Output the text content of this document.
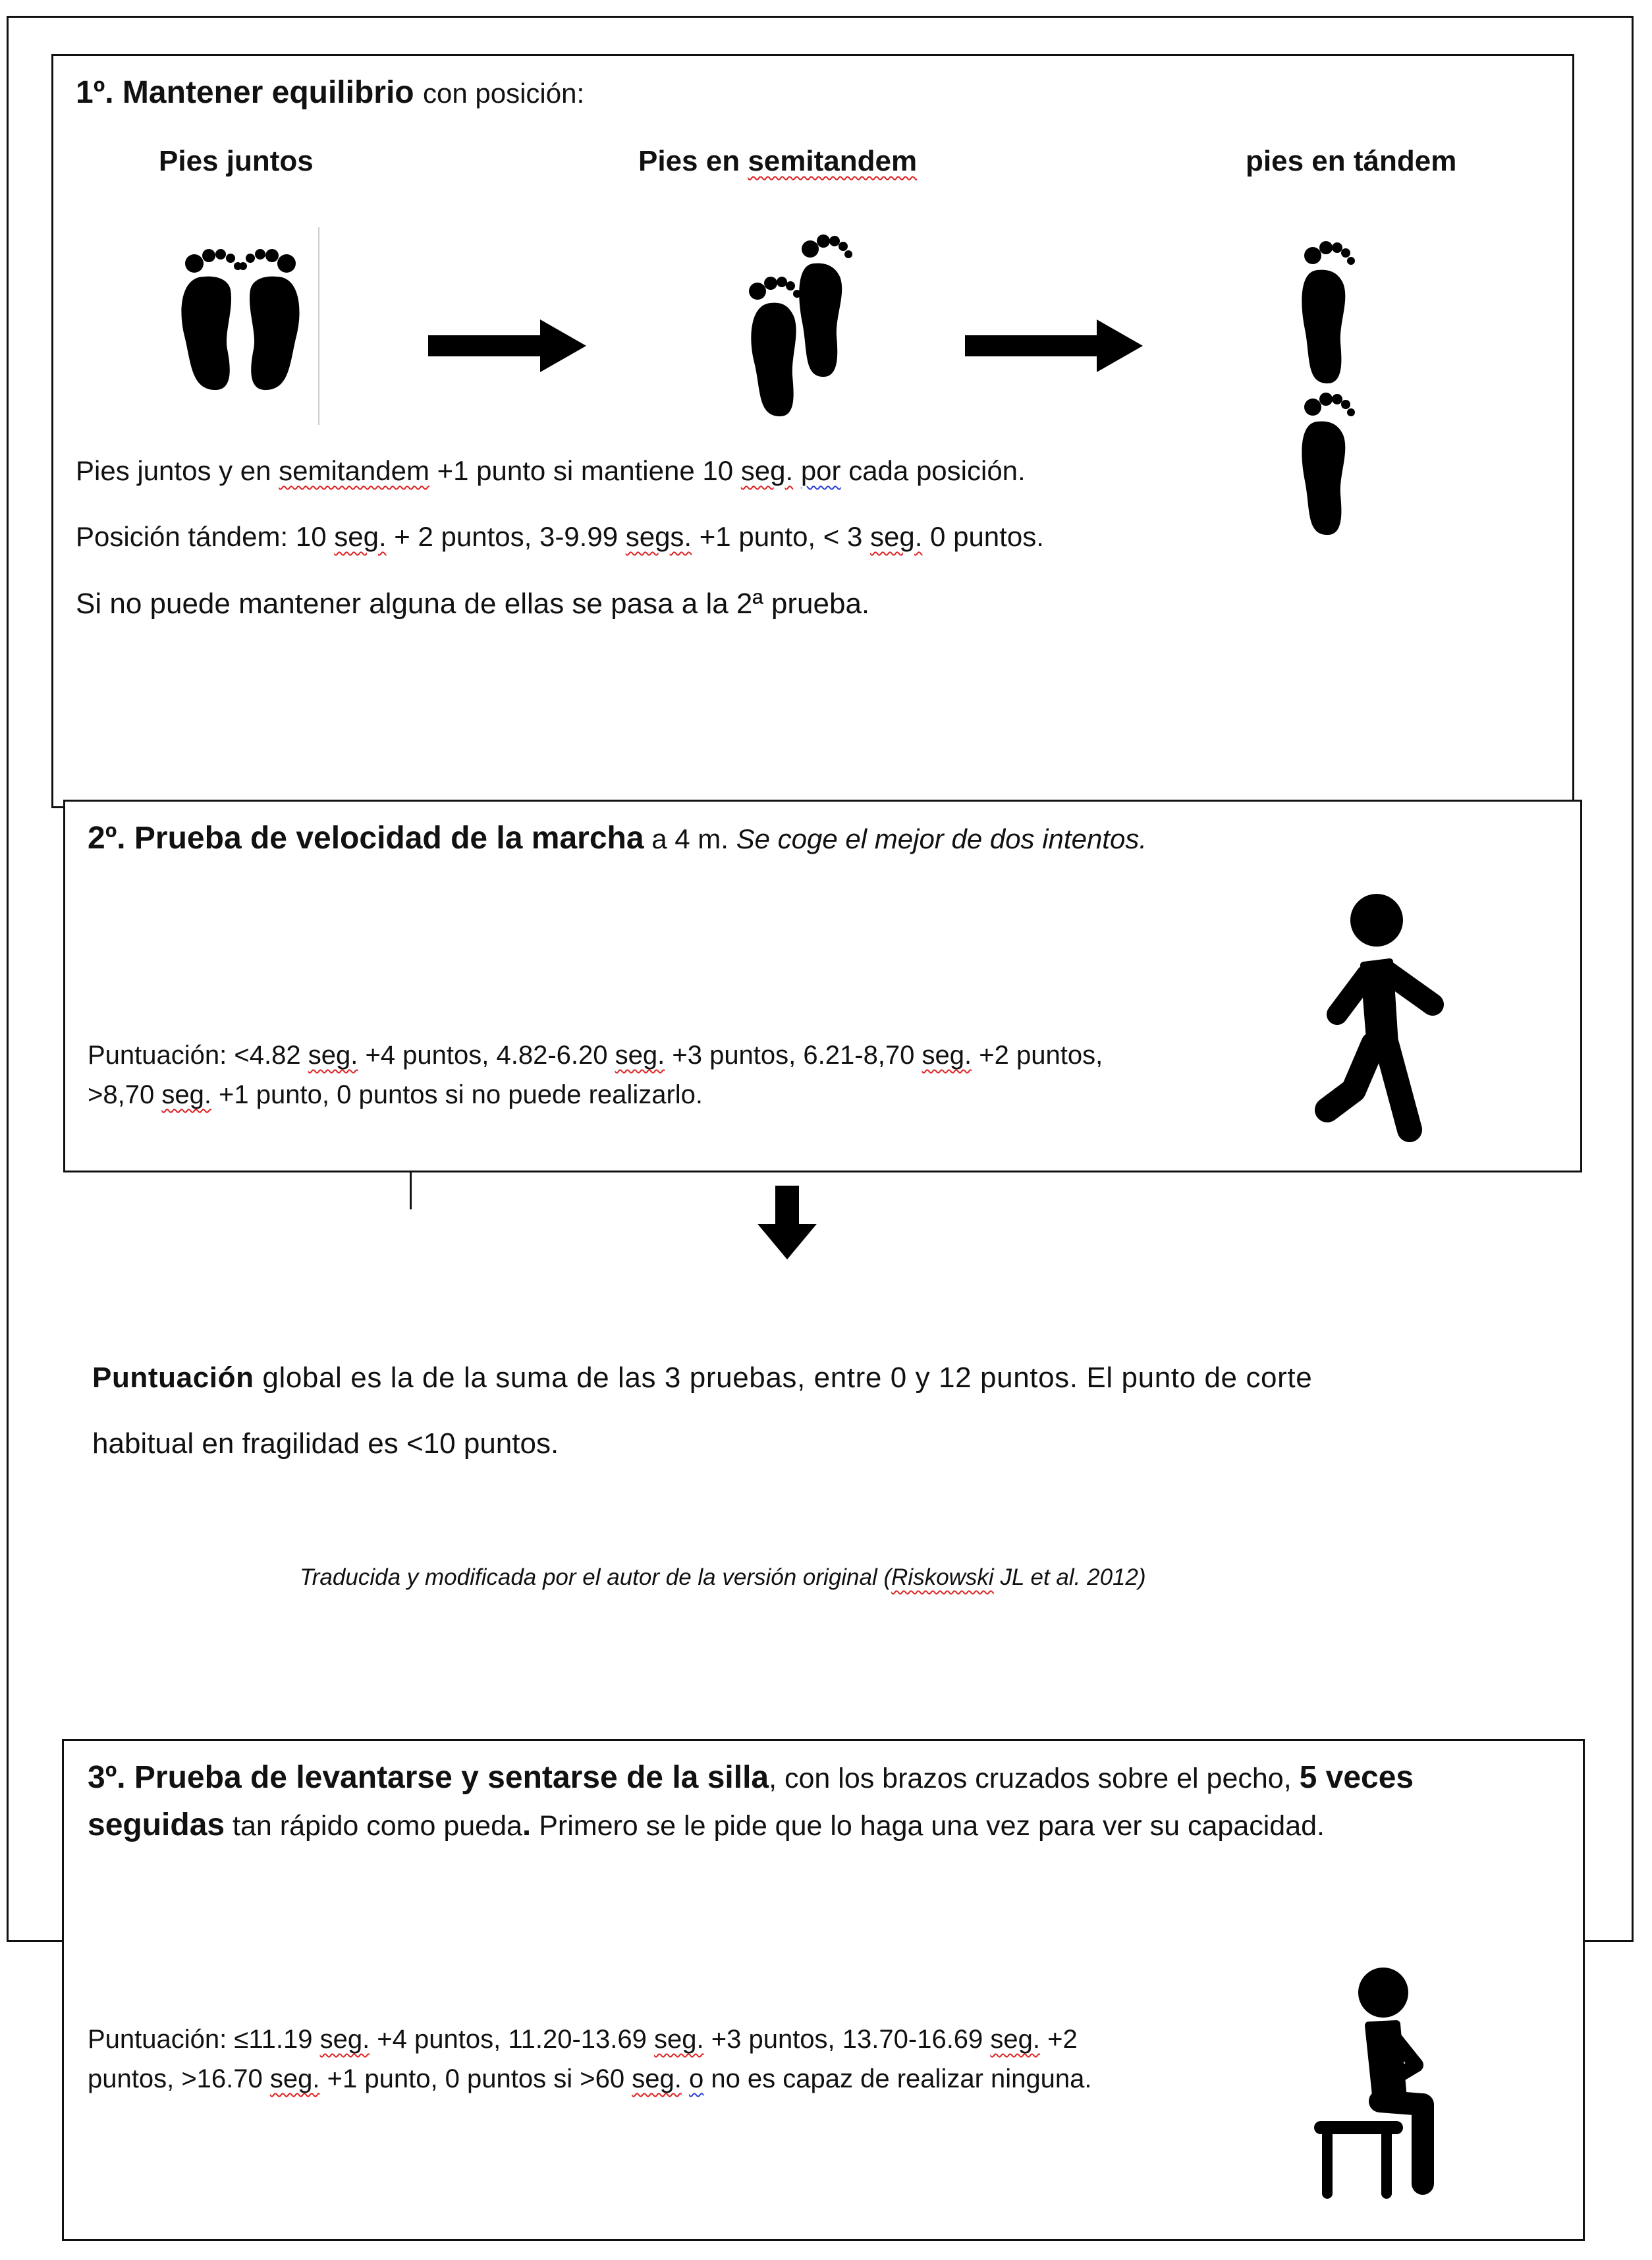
1º. Mantener equilibrio con posición:
Pies juntos	Pies en semitandem	pies en tándem
Pies juntos y en semitandem +1 punto si mantiene 10 seg. por cada posición.
Posición tándem: 10 seg. + 2 puntos, 3-9.99 segs. +1 punto, < 3 seg. 0 puntos.
Si no puede mantener alguna de ellas se pasa a la 2ª prueba.
2º. Prueba de velocidad de la marcha a 4 m. Se coge el mejor de dos intentos.
Puntuación: <4.82 seg. +4 puntos, 4.82-6.20 seg. +3 puntos, 6.21-8,70 seg. +2 puntos,
>8,70 seg. +1 punto, 0 puntos si no puede realizarlo.
Puntuación global es la de la suma de las 3 pruebas, entre 0 y 12 puntos. El punto de corte
habitual en fragilidad es <10 puntos.
Traducida y modificada por el autor de la versión original (Riskowski JL et al. 2012)
3º. Prueba de levantarse y sentarse de la silla, con los brazos cruzados sobre el pecho, 5 veces
seguidas tan rápido como pueda. Primero se le pide que lo haga una vez para ver su capacidad.
Puntuación: ≤11.19 seg. +4 puntos, 11.20-13.69 seg. +3 puntos, 13.70-16.69 seg. +2
puntos, >16.70 seg. +1 punto, 0 puntos si >60 seg. o no es capaz de realizar ninguna.
